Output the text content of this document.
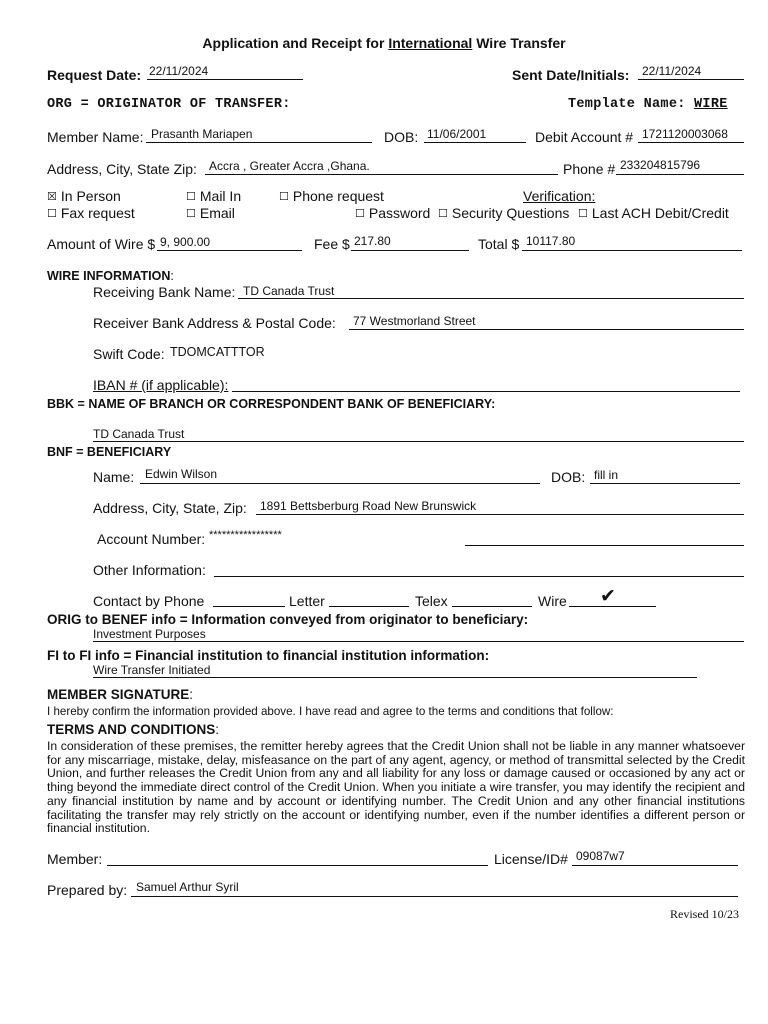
Application and Receipt for International Wire Transfer
Request Date: 22/11/2024	Sent Date/Initials: 22/11/2024
ORG = ORIGINATOR OF TRANSFER:	Template Name: WIRE
Member Name: Prasanth Mariapen	DOB: 11/06/2001	Debit Account # 1721120003068
Address, City, State Zip: Accra , Greater Accra ,Ghana.	Phone # 233204815796
☒ In Person	☐ Mail In	☐ Phone request	Verification:
☐ Fax request	☐ Email	☐ Password ☐ Security Questions ☐ Last ACH Debit/Credit
Amount of Wire $ 9, 900.00	Fee $ 217.80	Total $ 10117.80
WIRE INFORMATION:
Receiving Bank Name: TD Canada Trust
Receiver Bank Address & Postal Code: 77 Westmorland Street
Swift Code: TDOMCATTTOR
IBAN # (if applicable):
BBK = NAME OF BRANCH OR CORRESPONDENT BANK OF BENEFICIARY:
TD Canada Trust
BNF = BENEFICIARY
Name: Edwin Wilson	DOB: fill in
Address, City, State, Zip: 1891 Bettsberburg Road New Brunswick
Account Number: *****************
Other Information:
Contact by Phone	Letter	Telex	Wire ✔
ORIG to BENEF info = Information conveyed from originator to beneficiary:
Investment Purposes
FI to FI info = Financial institution to financial institution information:
Wire Transfer Initiated
MEMBER SIGNATURE:
I hereby confirm the information provided above. I have read and agree to the terms and conditions that follow:
TERMS AND CONDITIONS:
In consideration of these premises, the remitter hereby agrees that the Credit Union shall not be liable in any manner whatsoever for any miscarriage, mistake, delay, misfeasance on the part of any agent, agency, or method of transmittal selected by the Credit Union, and further releases the Credit Union from any and all liability for any loss or damage caused or occasioned by any act or thing beyond the immediate direct control of the Credit Union. When you initiate a wire transfer, you may identify the recipient and any financial institution by name and by account or identifying number. The Credit Union and any other financial institutions facilitating the transfer may rely strictly on the account or identifying number, even if the number identifies a different person or financial institution.
Member:	License/ID# 09087w7
Prepared by: Samuel Arthur Syril
Revised 10/23
